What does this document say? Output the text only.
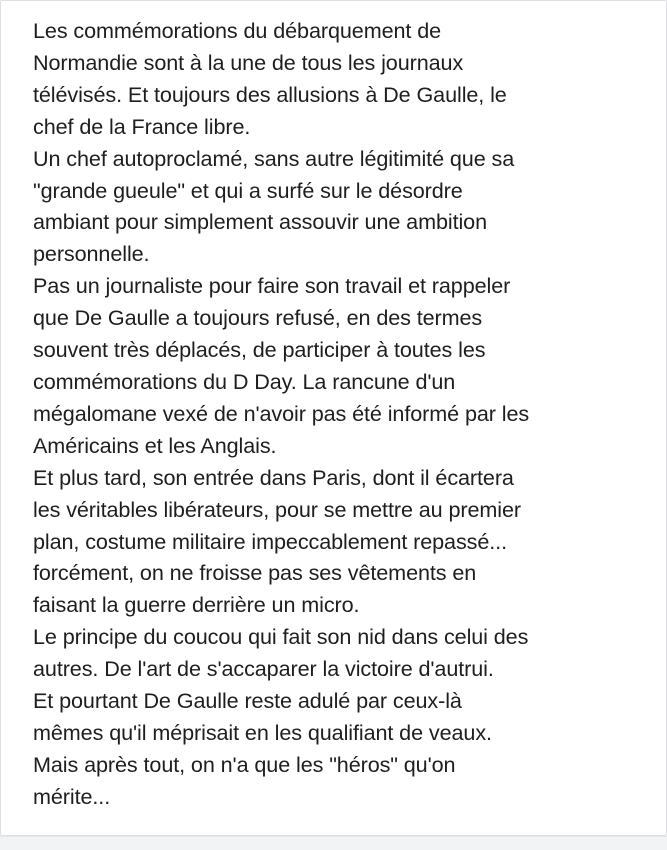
Les commémorations du débarquement de
Normandie sont à la une de tous les journaux
télévisés. Et toujours des allusions à De Gaulle, le
chef de la France libre.

Un chef autoproclamé, sans autre légitimité que sa
"grande gueule" et qui a surfé sur le désordre
ambiant pour simplement assouvir une ambition
personnelle.

Pas un journaliste pour faire son travail et rappeler
que De Gaulle a toujours refusé, en des termes
souvent très déplacés, de participer à toutes les
commémorations du D Day. La rancune d'un
mégalomane vexé de n'avoir pas été informé par les
Américains et les Anglais.

Et plus tard, son entrée dans Paris, dont il écartera
les véritables libérateurs, pour se mettre au premier
plan, costume militaire impeccablement repassé...
forcément, on ne froisse pas ses vêtements en
faisant la guerre derrière un micro.

Le principe du coucou qui fait son nid dans celui des
autres. De l'art de s'accaparer la victoire d'autrui.

Et pourtant De Gaulle reste adulé par ceux-là
mêmes qu'il méprisait en les qualifiant de veaux.

Mais après tout, on n'a que les "héros" qu'on
mérite...
